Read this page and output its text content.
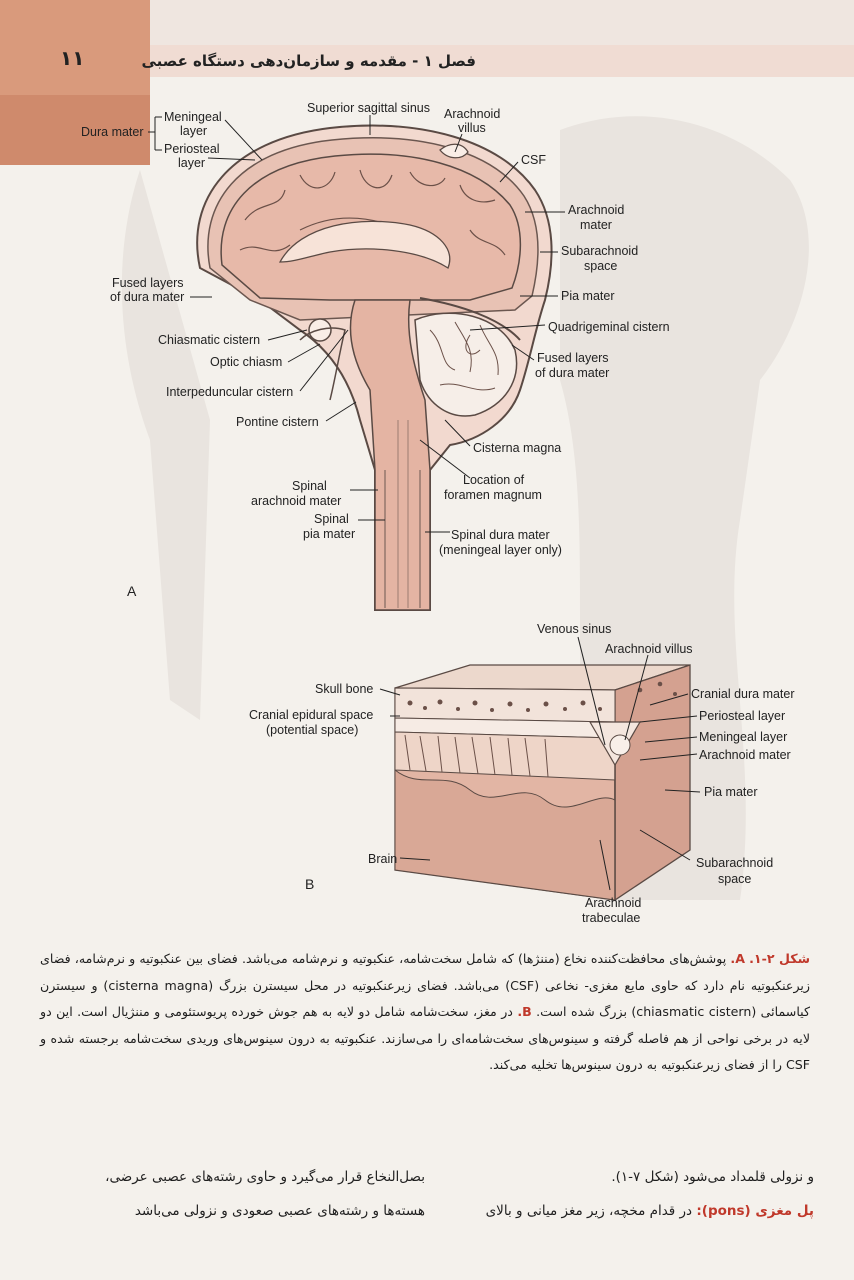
۱۱	فصل ۱ - مقدمه و سازمان‌دهی دستگاه عصبی
Dura mater
Meningeal
layer
Periosteal
layer
Superior sagittal sinus Arachnoid
villus
CSF
Arachnoid
mater
Subarachnoid
space
Pia mater
Quadrigeminal cistern
Fused layers
of dura mater
Fused layers
of dura mater
Chiasmatic cistern
Optic chiasm
Interpeduncular cistern
Pontine cistern
Cisterna magna
Location of
foramen magnum
Spinal
arachnoid mater
Spinal
pia mater	Spinal dura mater
(meningeal layer only)
A
Venous sinus
Arachnoid villus
Skull bone	Cranial dura mater
Cranial epidural space
(potential space)
Periosteal layer
Meningeal layer
Arachnoid mater
Pia mater
Brain	Subarachnoid
space
Arachnoid
trabeculae
B
شکل ۲-۱. A. پوشش‌های محافظت‌کننده نخاع (مننژها) که شامل سخت‌شامه، عنکبوتیه و نرم‌شامه می‌باشد. فضای بین عنکبوتیه و نرم‌شامه، فضای زیرعنکبوتیه نام دارد که حاوی مایع مغزی- نخاعی (CSF) می‌باشد. فضای زیرعنکبوتیه در محل سیسترن بزرگ (cisterna magna) و سیسترن کیاسمائی (chiasmatic cistern) بزرگ شده است. B. در مغز، سخت‌شامه شامل دو لایه به هم جوش خورده پریوستئومی و مننژیال است. این دو لایه در برخی نواحی از هم فاصله گرفته و سینوس‌های سخت‌شامه‌ای را می‌سازند. عنکبوتیه به درون سینوس‌های وریدی سخت‌شامه برجسته شده و CSF را از فضای زیرعنکبوتیه به درون سینوس‌ها تخلیه می‌کند.
و نزولی قلمداد می‌شود (شکل ۷-۱).
پل مغزی (pons): در قدام مخچه، زیر مغز میانی و بالای
بصل‌النخاع قرار می‌گیرد و حاوی رشته‌های عصبی عرضی،
هسته‌ها و رشته‌های عصبی صعودی و نزولی می‌باشد
